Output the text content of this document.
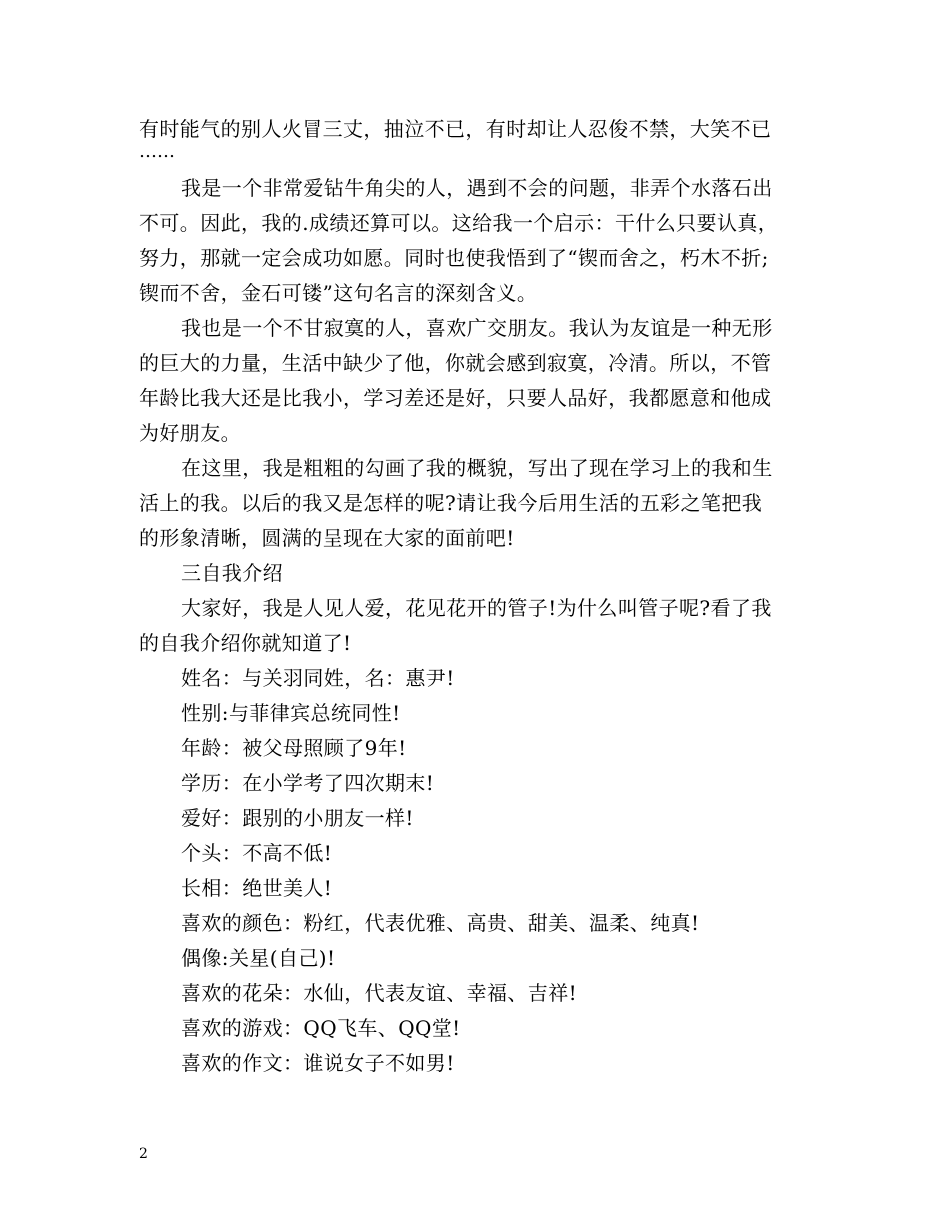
有时能气的别人火冒三丈，抽泣不已，有时却让人忍俊不禁，大笑不已
……
我是一个非常爱钻牛角尖的人，遇到不会的问题，非弄个水落石出
不可。因此，我的.成绩还算可以。这给我一个启示：干什么只要认真，
努力，那就一定会成功如愿。同时也使我悟到了“锲而舍之，朽木不折;
锲而不舍，金石可镂”这句名言的深刻含义。
我也是一个不甘寂寞的人，喜欢广交朋友。我认为友谊是一种无形
的巨大的力量，生活中缺少了他，你就会感到寂寞，冷清。所以，不管
年龄比我大还是比我小，学习差还是好，只要人品好，我都愿意和他成
为好朋友。
在这里，我是粗粗的勾画了我的概貌，写出了现在学习上的我和生
活上的我。以后的我又是怎样的呢?请让我今后用生活的五彩之笔把我
的形象清晰，圆满的呈现在大家的面前吧!
三自我介绍
大家好，我是人见人爱，花见花开的管子!为什么叫管子呢?看了我
的自我介绍你就知道了!
姓名：与关羽同姓，名：惠尹!
性别:与菲律宾总统同性!
年龄：被父母照顾了9年!
学历：在小学考了四次期末!
爱好：跟别的小朋友一样!
个头：不高不低!
长相：绝世美人!
喜欢的颜色：粉红，代表优雅、高贵、甜美、温柔、纯真!
偶像:关星(自己)!
喜欢的花朵：水仙，代表友谊、幸福、吉祥!
喜欢的游戏：QQ飞车、QQ堂!
喜欢的作文：谁说女子不如男!
2
